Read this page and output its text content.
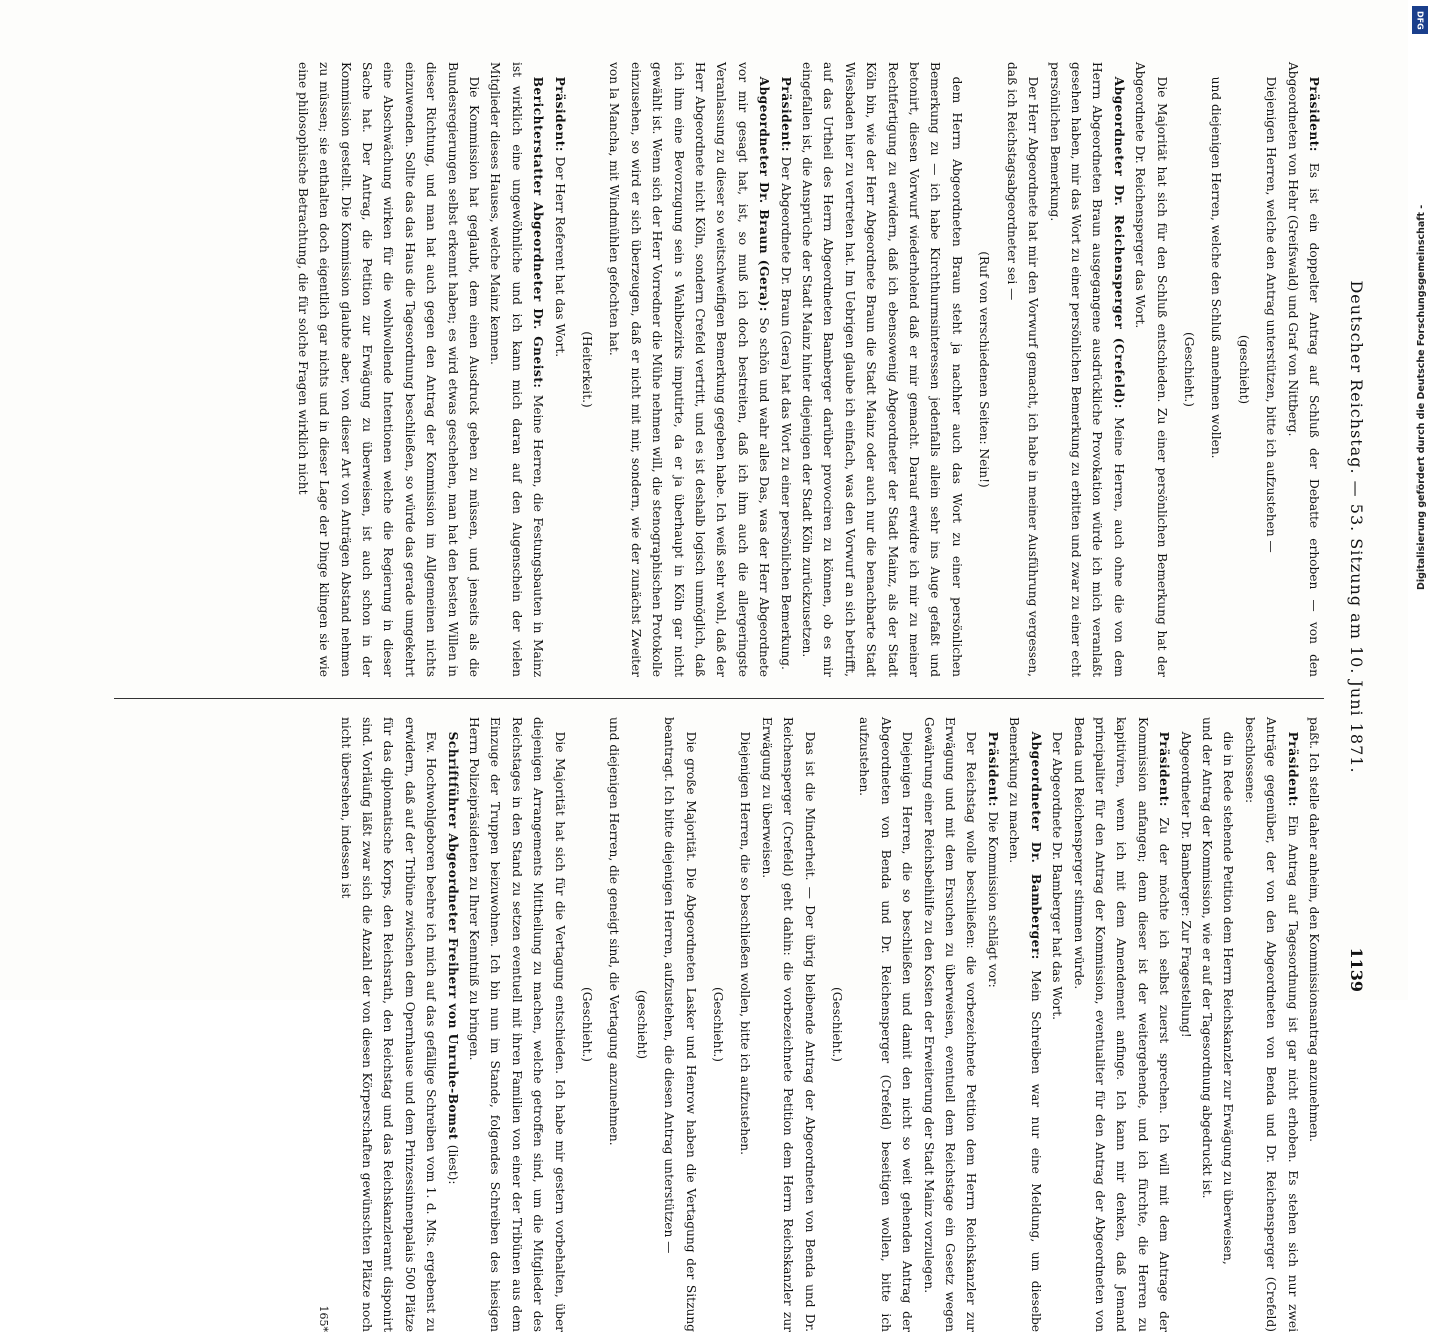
Deutscher Reichstag. — 53. Sitzung am 10. Juni 1871.
1139

Präsident: Es ist ein doppelter Antrag auf Schluß der Debatte erhoben — von den Abgeordneten von Hehr (Greifswald) und Graf von Nittberg.

Diejenigen Herren, welche den Antrag unterstützen, bitte ich aufzustehen —

(geschieht)

und diejenigen Herren, welche den Schluß annehmen wollen.

(Geschieht.)

Die Majorität hat sich für den Schluß entschieden. Zu einer persönlichen Bemerkung hat der Abgeordnete Dr. Reichensperger das Wort.

Abgeordneter Dr. Reichensperger (Crefeld): Meine Herren, auch ohne die von dem Herrn Abgeordneten Braun ausgegangene ausdrückliche Provokation würde ich mich veranlaßt gesehen haben, mir das Wort zu einer persönlichen Bemerkung zu erbitten und zwar zu einer echt persönlichen Bemerkung.

Der Herr Abgeordnete hat mir den Vorwurf gemacht, ich habe in meiner Ausführung vergessen, daß ich Reichstagsabgeordneter sei —

(Ruf von verschiedenen Seiten: Nein!)

dem Herrn Abgeordneten Braun steht ja nachher auch das Wort zu einer persönlichen Bemerkung zu — ich habe Kirchthurmsinteressen jedenfalls allein sehr ins Auge gefaßt und betonirt, diesen Vorwurf wiederholend daß er mir gemacht. Darauf erwidre ich mir zu meiner Rechtfertigung zu erwidern, daß ich ebensowenig Abgeordneter der Stadt Mainz, als der Stadt Köln bin, wie der Herr Abgeordnete Braun die Stadt Mainz oder auch nur die benachbarte Stadt Wiesbaden hier zu vertreten hat. Im Uebrigen glaube ich einfach, was den Vorwurf an sich betrifft, auf das Urtheil des Herrn Abgeordneten Bamberger darüber provociren zu können, ob es mir eingefallen ist, die Ansprüche der Stadt Mainz hinter diejenigen der Stadt Köln zurückzusetzen.

Präsident: Der Abgeordnete Dr. Braun (Gera) hat das Wort zu einer persönlichen Bemerkung.

Abgeordneter Dr. Braun (Gera): So schön und wahr alles Das, was der Herr Abgeordnete vor mir gesagt hat, ist, so muß ich doch bestreiten, daß ich ihm auch die allergeringste Veranlassung zu dieser so weitschweifigen Bemerkung gegeben habe. Ich weiß sehr wohl, daß der Herr Abgeordnete nicht Köln, sondern Crefeld vertritt, und es ist deshalb logisch unmöglich, daß ich ihm eine Bevorzugung sein s Wahlbezirks imputirte, da er ja überhaupt in Köln gar nicht gewählt ist. Wenn sich der Herr Vorredner die Mühe nehmen will, die stenographischen Protokolle einzusehen, so wird er sich überzeugen, daß er nicht mit mir, sondern, wie der zunächst Zweiter von la Mancha, mit Windmühlen gefochten hat.

(Heiterkeit.)

Präsident: Der Herr Referent hat das Wort.

Berichterstatter Abgeordneter Dr. Gneist: Meine Herren, die Festungsbauten in Mainz ist wirklich eine ungewöhnliche und ich kann mich daran auf den Augenschein der vielen Mitglieder dieses Hauses, welche Mainz kennen.

Die Kommission hat geglaubt, dem einen Ausdruck geben zu müssen, und jenseits als die Bundesregierungen selbst erkennt haben; es wird etwas geschehen, man hat den besten Willen in dieser Richtung, und man hat auch gegen den Antrag der Kommission im Allgemeinen nichts einzuwenden. Sollte das das Haus die Tagesordnung beschließen, so würde das gerade umgekehrt eine Abschwächung wirken für die wohlwollende Intentionen welche die Regierung in dieser Sache hat. Der Antrag, die Petition zur Erwägung zu überweisen, ist auch schon in der Kommission gestellt. Die Kommission glaubte aber, von dieser Art von Anträgen Abstand nehmen zu müssen; sie enthalten doch eigentlich gar nichts und in dieser Lage der Dinge klingen sie wie eine philosophische Betrachtung, die für solche Fragen wirklich nicht

paßt. Ich stelle daher anheim, den Kommissionsantrag anzunehmen.

Präsident: Ein Antrag auf Tagesordnung ist gar nicht erhoben. Es stehen sich nur zwei Anträge gegenüber, der von den Abgeordneten von Benda und Dr. Reichensperger (Crefeld) beschlossene:

die in Rede stehende Petition dem Herrn Reichskanzler zur Erwägung zu überweisen,

und der Antrag der Kommission, wie er auf der Tagesordnung abgedruckt ist.

Abgeordneter Dr. Bamberger: Zur Fragestellung!

Präsident: Zu der möchte ich selbst zuerst sprechen. Ich will mit dem Antrage der Kommission anfangen; denn dieser ist der weitergehende, und ich fürchte, die Herren zu kapitiviren, wenn ich mit dem Amendement anfinge. Ich kann mir denken, daß Jemand principaliter für den Antrag der Kommission, eventualiter für den Antrag der Abgeordneten von Benda und Reichensperger stimmen würde.

Der Abgeordnete Dr. Bamberger hat das Wort.

Abgeordneter Dr. Bamberger: Mein Schreiben war nur eine Meldung, um dieselbe Bemerkung zu machen.

Präsident: Die Kommission schlägt vor:

Der Reichstag wolle beschließen: die vorbezeichnete Petition dem Herrn Reichskanzler zur Erwägung und mit dem Ersuchen zu überweisen, eventuell dem Reichstage ein Gesetz wegen Gewährung einer Reichsbeihilfe zu den Kosten der Erweiterung der Stadt Mainz vorzulegen.

Diejenigen Herren, die so beschließen und damit den nicht so weit gehenden Antrag der Abgeordneten von Benda und Dr. Reichensperger (Crefeld) beseitigen wollen, bitte ich aufzustehen.

(Geschieht.)

Das ist die Minderheit. — Der übrig bleibende Antrag der Abgeordneten von Benda und Dr. Reichensperger (Crefeld) geht dahin: die vorbezeichnete Petition dem Herrn Reichskanzler zur Erwägung zu überweisen.

Diejenigen Herren, die so beschließen wollen, bitte ich aufzustehen.

(Geschieht.)

Die große Majorität. Die Abgeordneten Lasker und Henrow haben die Vertagung der Sitzung beantragt. Ich bitte diejenigen Herren, aufzustehen, die diesen Antrag unterstützen —

(geschieht)

und diejenigen Herren, die geneigt sind, die Vertagung anzunehmen.

(Geschieht.)

Die Majorität hat sich für die Vertagung entschieden. Ich habe mir gestern vorbehalten, über diejenigen Arrangements Mittheilung zu machen, welche getroffen sind, um die Mitglieder des Reichstages in den Stand zu setzen eventuell mit ihren Familien von einer der Tribünen aus dem Einzuge der Truppen beizuwohnen. Ich bin nun im Stande, folgendes Schreiben des hiesigen Herrn Polizeipräsidenten zu Ihrer Kenntniß zu bringen.

Schriftführer Abgeordneter Freiherr von Unruhe-Bomst (liest):

Ew. Hochwohlgeboren beehre ich mich auf das gefällige Schreiben vom 1. d. Mts. ergebenst zu erwidern, daß auf der Tribüne zwischen dem Opernhause und dem Prinzessinnenpalais 500 Plätze für das diplomatische Korps, den Reichsrath, den Reichstag und das Reichskanzleramt disponirt sind. Vorläufig läßt zwar sich die Anzahl der von diesen Körperschaften gewünschten Plätze noch nicht übersehen, indessen ist

165*

DFG
Digitalisierung gefördert durch die Deutsche Forschungsgemeinschaft -
